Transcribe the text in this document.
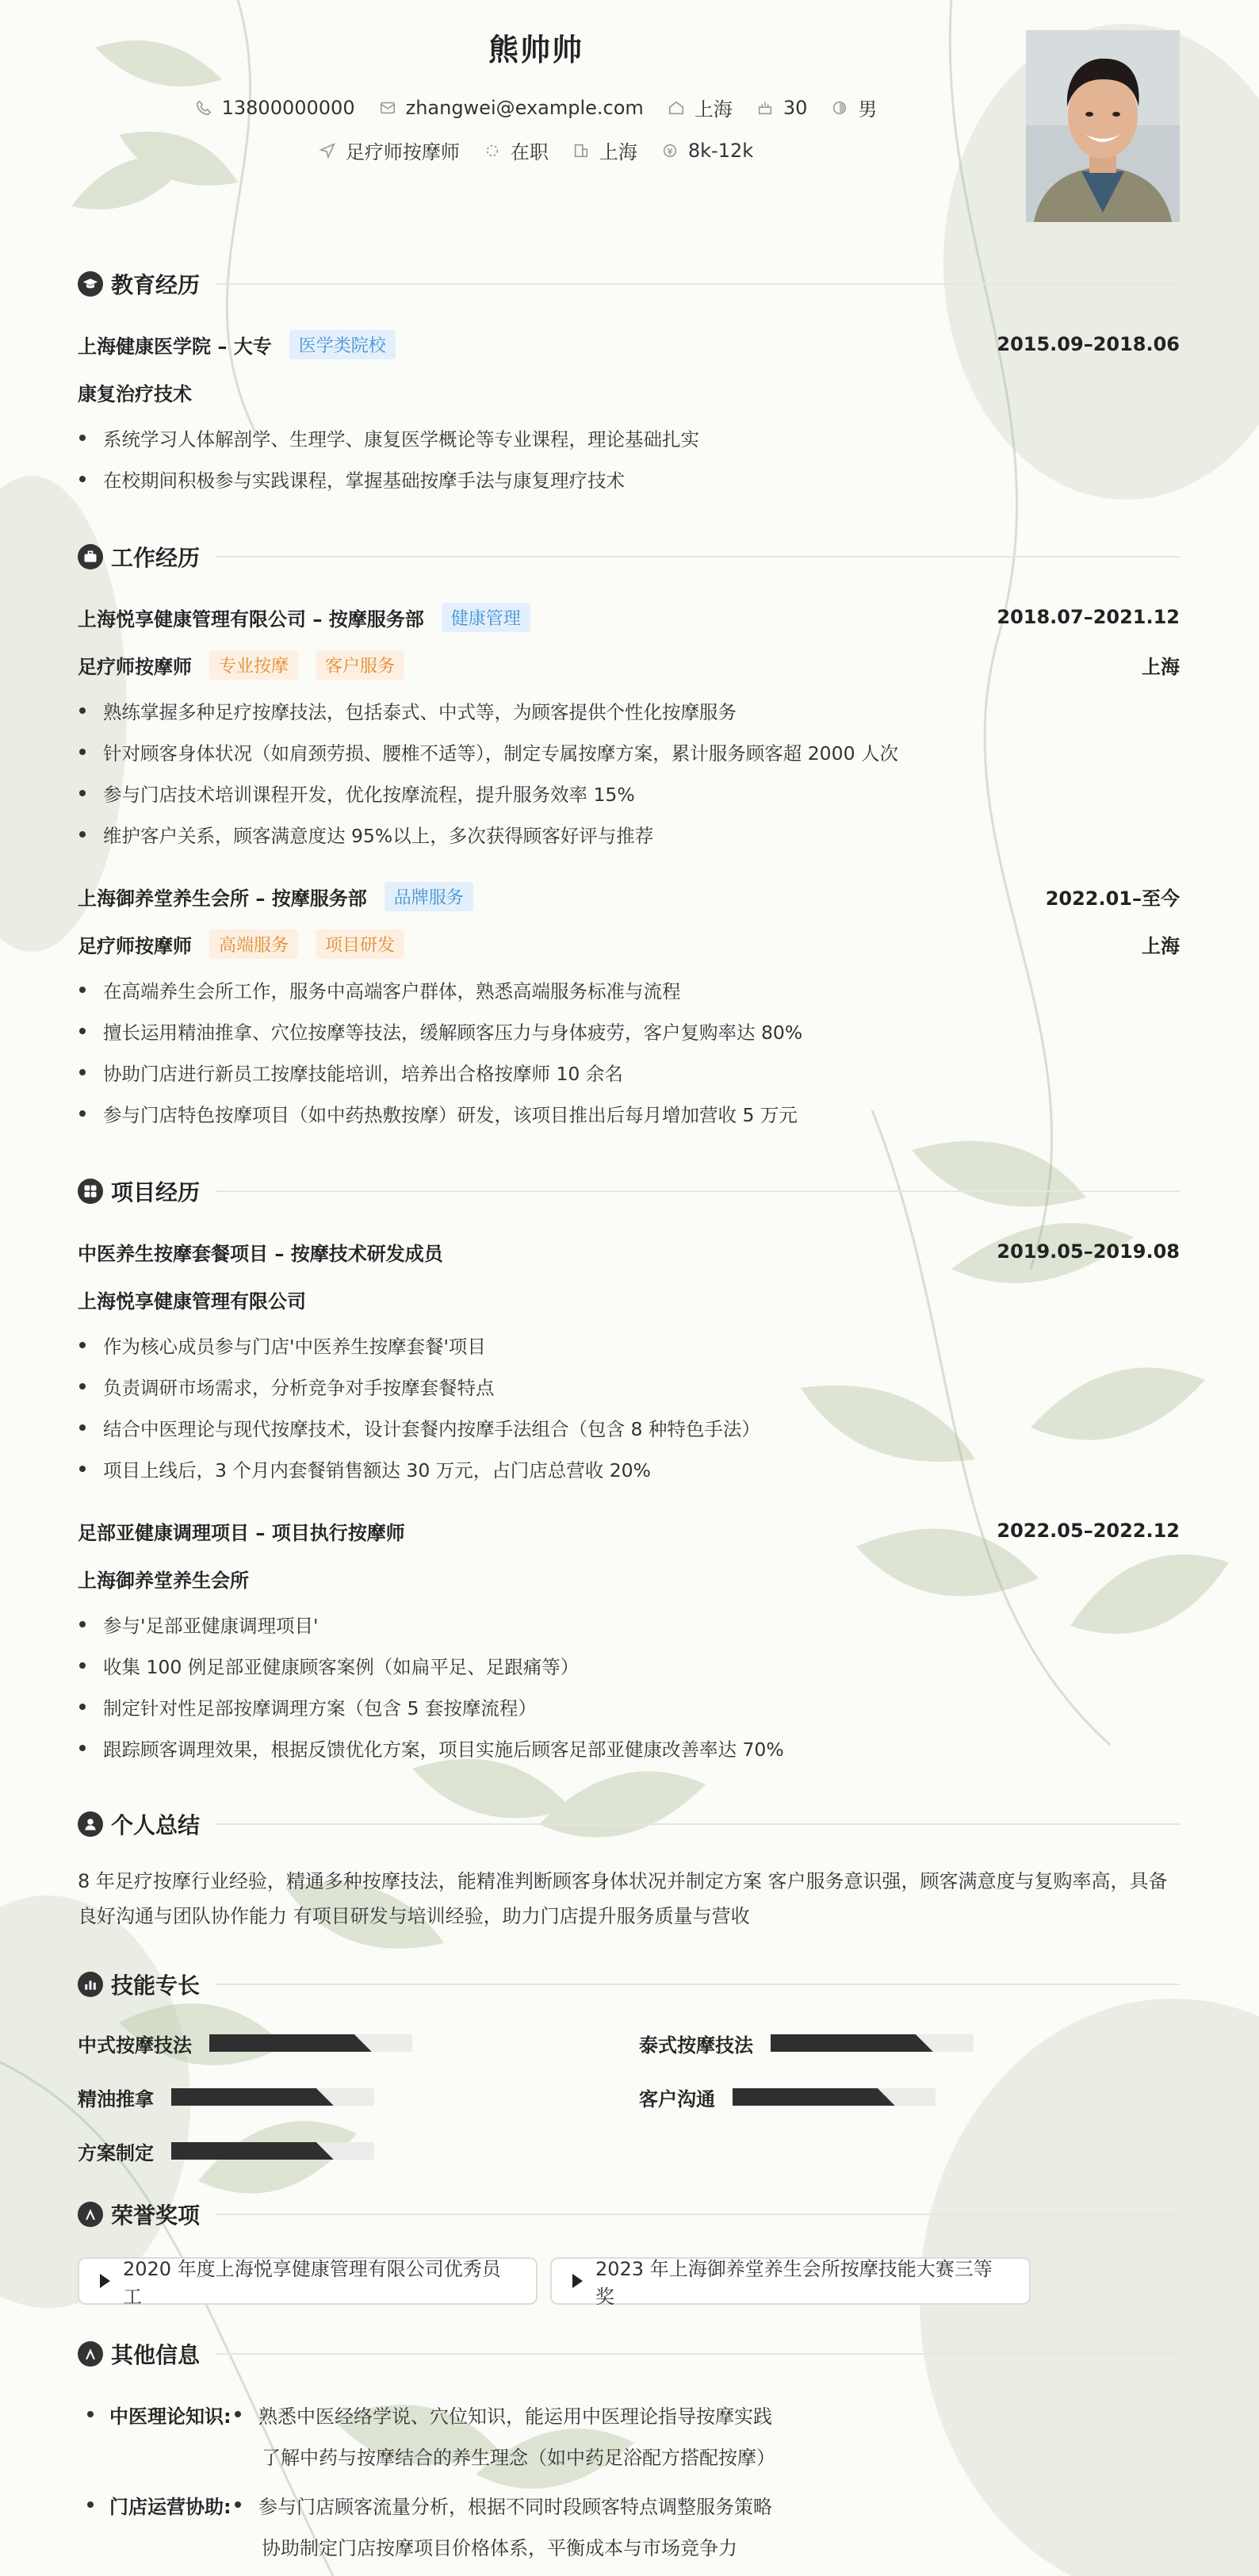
熊帅帅
13800000000	zhangwei@example.com	上海	30	男
足疗师按摩师	在职	上海	8k-12k
教育经历
上海健康医学院 – 大专	医学类院校	2015.09–2018.06
康复治疗技术
系统学习人体解剖学、生理学、康复医学概论等专业课程，理论基础扎实
在校期间积极参与实践课程，掌握基础按摩手法与康复理疗技术
工作经历
上海悦享健康管理有限公司 – 按摩服务部	健康管理	2018.07–2021.12
足疗师按摩师	专业按摩	客户服务	上海
熟练掌握多种足疗按摩技法，包括泰式、中式等，为顾客提供个性化按摩服务
针对顾客身体状况（如肩颈劳损、腰椎不适等），制定专属按摩方案，累计服务顾客超 2000 人次
参与门店技术培训课程开发，优化按摩流程，提升服务效率 15%
维护客户关系，顾客满意度达 95%以上，多次获得顾客好评与推荐
上海御养堂养生会所 – 按摩服务部	品牌服务	2022.01–至今
足疗师按摩师	高端服务	项目研发	上海
在高端养生会所工作，服务中高端客户群体，熟悉高端服务标准与流程
擅长运用精油推拿、穴位按摩等技法，缓解顾客压力与身体疲劳，客户复购率达 80%
协助门店进行新员工按摩技能培训，培养出合格按摩师 10 余名
参与门店特色按摩项目（如中药热敷按摩）研发，该项目推出后每月增加营收 5 万元
项目经历
中医养生按摩套餐项目 – 按摩技术研发成员	2019.05–2019.08
上海悦享健康管理有限公司
作为核心成员参与门店'中医养生按摩套餐'项目
负责调研市场需求，分析竞争对手按摩套餐特点
结合中医理论与现代按摩技术，设计套餐内按摩手法组合（包含 8 种特色手法）
项目上线后，3 个月内套餐销售额达 30 万元，占门店总营收 20%
足部亚健康调理项目 – 项目执行按摩师	2022.05–2022.12
上海御养堂养生会所
参与'足部亚健康调理项目'
收集 100 例足部亚健康顾客案例（如扁平足、足跟痛等）
制定针对性足部按摩调理方案（包含 5 套按摩流程）
跟踪顾客调理效果，根据反馈优化方案，项目实施后顾客足部亚健康改善率达 70%
个人总结
8 年足疗按摩行业经验，精通多种按摩技法，能精准判断顾客身体状况并制定方案 客户服务意识强，顾客满意度与复购率高，具备
良好沟通与团队协作能力 有项目研发与培训经验，助力门店提升服务质量与营收
技能专长
中式按摩技法	泰式按摩技法
精油推拿	客户沟通
方案制定
荣誉奖项
2020 年度上海悦享健康管理有限公司优秀员工
2023 年上海御养堂养生会所按摩技能大赛三等奖
其他信息
中医理论知识: 熟悉中医经络学说、穴位知识，能运用中医理论指导按摩实践
了解中药与按摩结合的养生理念（如中药足浴配方搭配按摩）
门店运营协助: 参与门店顾客流量分析，根据不同时段顾客特点调整服务策略
协助制定门店按摩项目价格体系，平衡成本与市场竞争力
